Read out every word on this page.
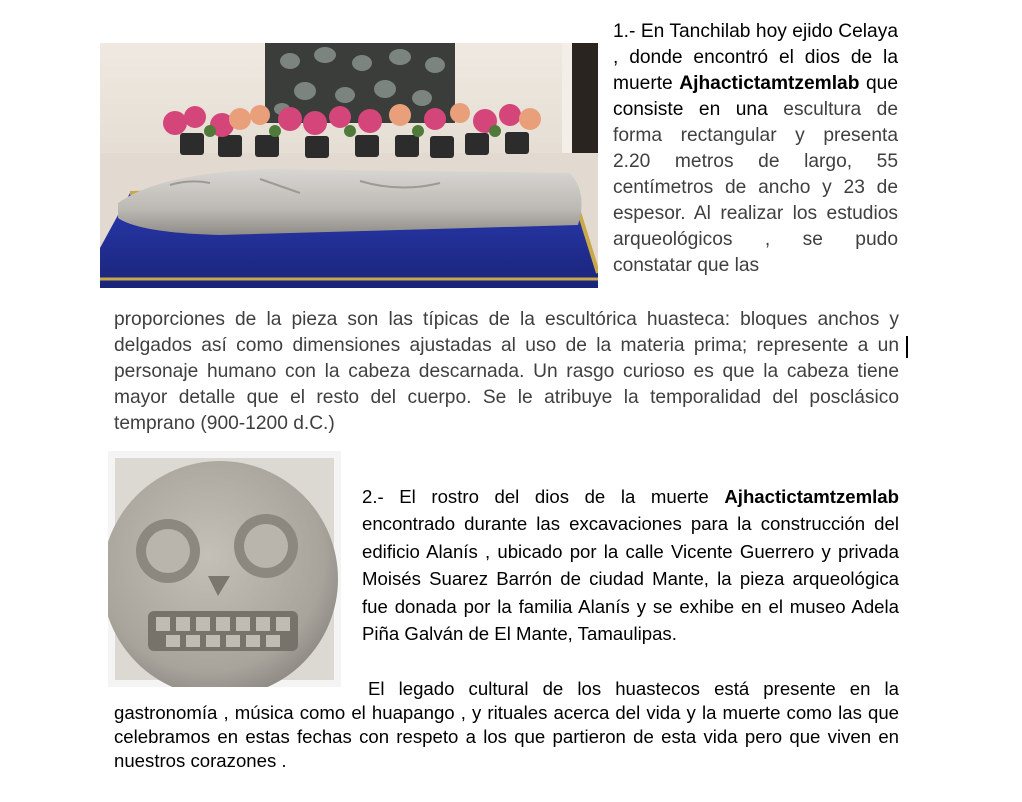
1.- En Tanchilab hoy ejido Celaya , donde encontró el dios de la muerte Ajhactictamtzemlab que consiste en una escultura de forma rectangular y presenta 2.20 metros de largo, 55 centímetros de ancho y 23 de espesor. Al realizar los estudios arqueológicos , se pudo constatar que las
proporciones de la pieza son las típicas de la escultórica huasteca: bloques anchos y delgados así como dimensiones ajustadas al uso de la materia prima; represente a un personaje humano con la cabeza descarnada. Un rasgo curioso es que la cabeza tiene mayor detalle que el resto del cuerpo. Se le atribuye la temporalidad del posclásico temprano (900-1200 d.C.)
2.- El rostro del dios de la muerte Ajhactictamtzemlab encontrado durante las excavaciones para la construcción del edificio Alanís , ubicado por la calle Vicente Guerrero y privada Moisés Suarez Barrón de ciudad Mante, la pieza arqueológica fue donada por la familia Alanís y se exhibe en el museo Adela Piña Galván de El Mante, Tamaulipas.
El legado cultural de los huastecos está presente en la gastronomía , música como el huapango , y rituales acerca del vida y la muerte como las que celebramos en estas fechas con respeto a los que partieron de esta vida pero que viven en nuestros corazones .
